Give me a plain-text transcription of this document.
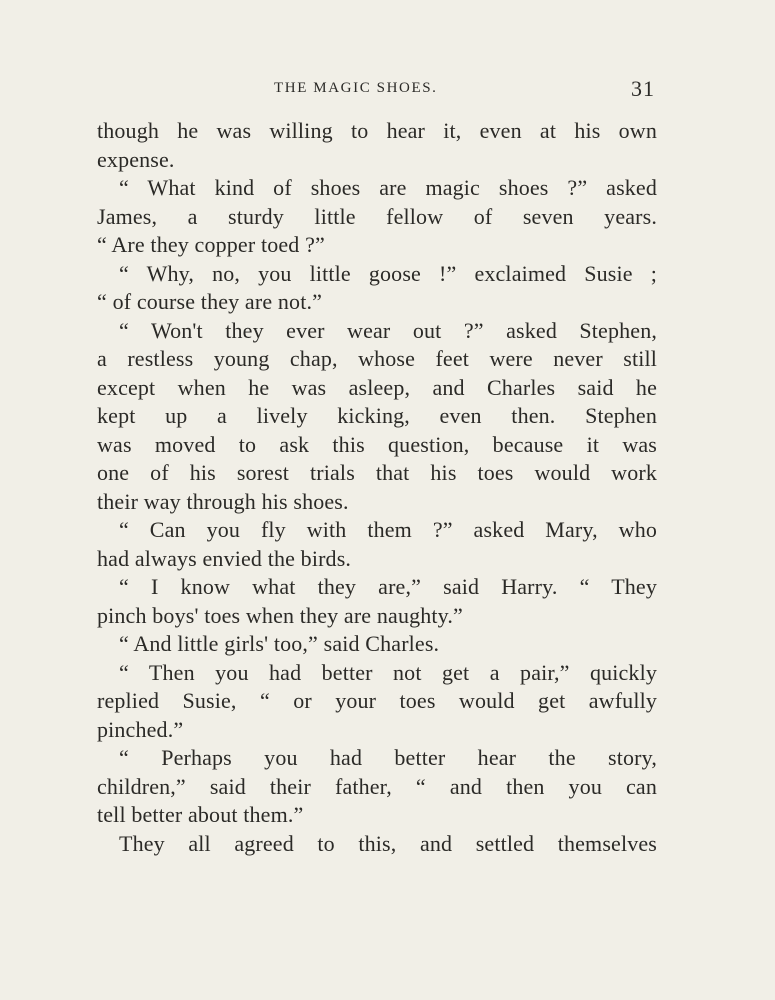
THE MAGIC SHOES.	31
though he was willing to hear it, even at his own
expense.
“ What kind of shoes are magic shoes ?” asked
James, a sturdy little fellow of seven years.
“ Are they copper toed ?”
“ Why, no, you little goose !” exclaimed Susie ;
“ of course they are not.”
“ Won't they ever wear out ?” asked Stephen,
a restless young chap, whose feet were never still
except when he was asleep, and Charles said he
kept up a lively kicking, even then. Stephen
was moved to ask this question, because it was
one of his sorest trials that his toes would work
their way through his shoes.
“ Can you fly with them ?” asked Mary, who
had always envied the birds.
“ I know what they are,” said Harry. “ They
pinch boys' toes when they are naughty.”
“ And little girls' too,” said Charles.
“ Then you had better not get a pair,” quickly
replied Susie, “ or your toes would get awfully
pinched.”
“ Perhaps you had better hear the story,
children,” said their father, “ and then you can
tell better about them.”
They all agreed to this, and settled themselves
